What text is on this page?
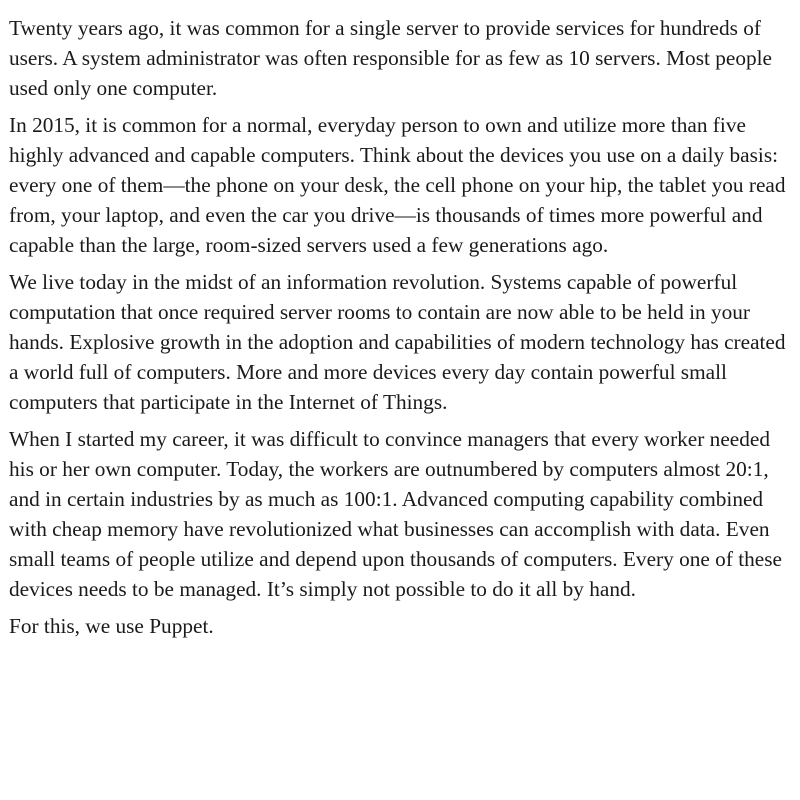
Twenty years ago, it was common for a single server to provide services for hundreds of users. A system administrator was often responsible for as few as 10 servers. Most people used only one computer.

In 2015, it is common for a normal, everyday person to own and utilize more than five highly advanced and capable computers. Think about the devices you use on a daily basis: every one of them—the phone on your desk, the cell phone on your hip, the tablet you read from, your laptop, and even the car you drive—is thousands of times more powerful and capable than the large, room-sized servers used a few generations ago.

We live today in the midst of an information revolution. Systems capable of powerful computation that once required server rooms to contain are now able to be held in your hands. Explosive growth in the adoption and capabilities of modern technology has created a world full of computers. More and more devices every day contain powerful small computers that participate in the Internet of Things.

When I started my career, it was difficult to convince managers that every worker needed his or her own computer. Today, the workers are outnumbered by computers almost 20:1, and in certain industries by as much as 100:1. Advanced computing capability combined with cheap memory have revolutionized what businesses can accomplish with data. Even small teams of people utilize and depend upon thousands of computers. Every one of these devices needs to be managed. It’s simply not possible to do it all by hand.

For this, we use Puppet.
